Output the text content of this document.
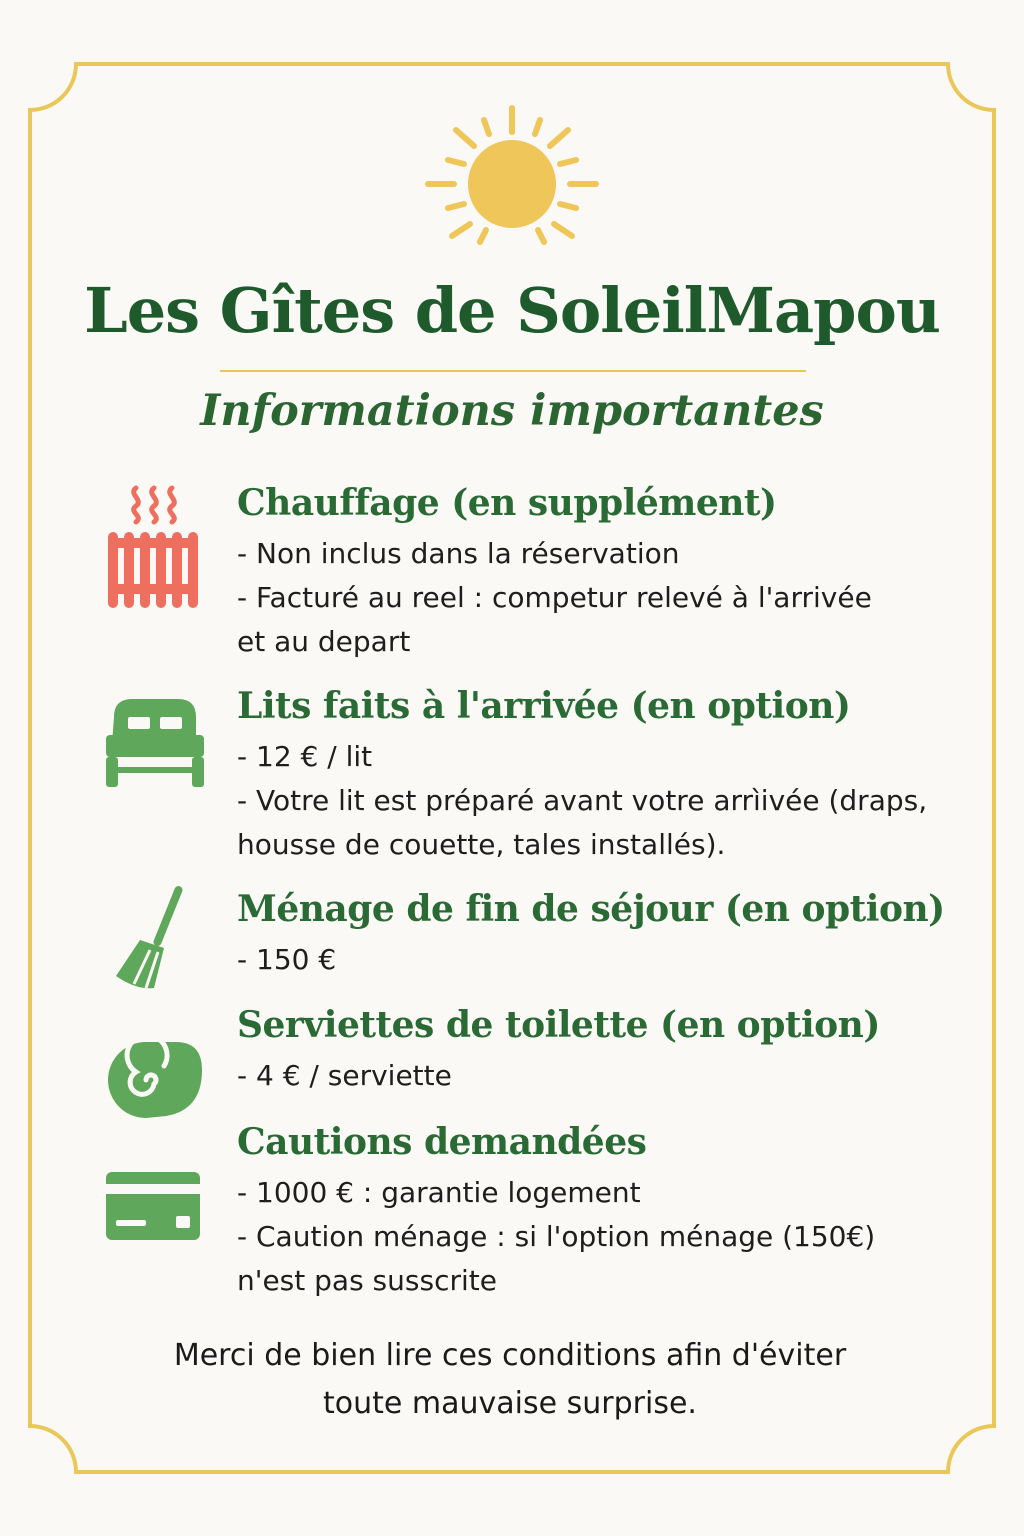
Les Gîtes de SoleilMapou
Informations importantes
Chauffage (en supplément)
- Non inclus dans la réservation
- Facturé au reel : competur relevé à l'arrivée
et au depart
Lits faits à l'arrivée (en option)
- 12 € / lit
- Votre lit est préparé avant votre arrìivée (draps,
housse de couette, tales installés).
Ménage de fin de séjour (en option)
- 150 €
Serviettes de toilette (en option)
- 4 € / serviette
Cautions demandées
- 1000 € : garantie logement
- Caution ménage : si l'option ménage (150€)
n'est pas susscrite
Merci de bien lire ces conditions afin d'éviter
toute mauvaise surprise.
